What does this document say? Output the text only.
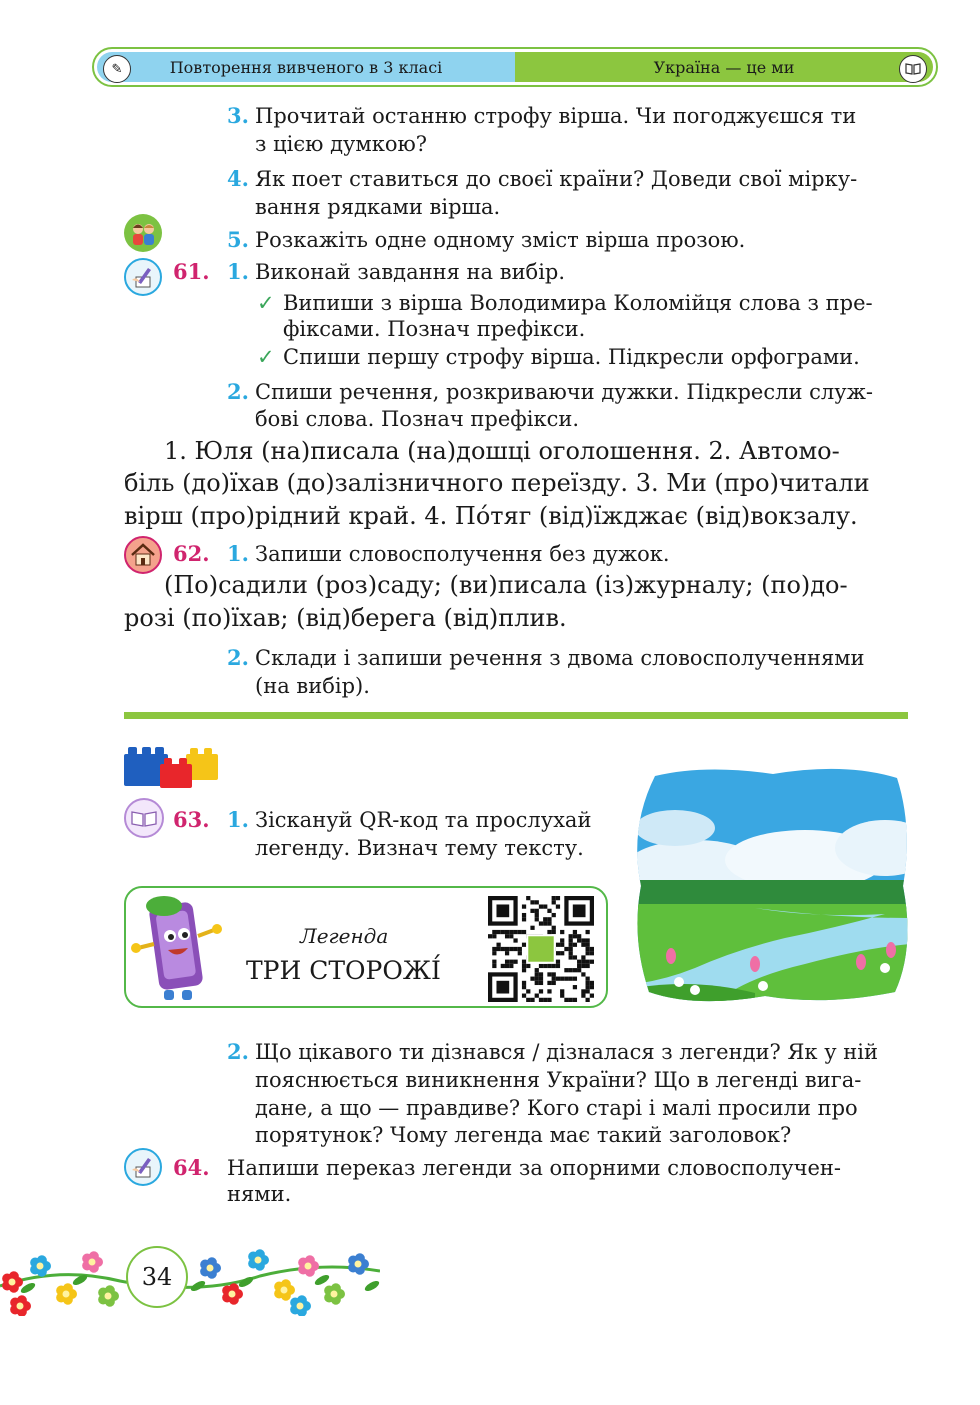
✎	Повторення вивченого в 3 класі	Україна — це ми
3. Прочитай останню строфу вірша. Чи погоджуєшся ти
з цією думкою?
4. Як поет ставиться до своєї країни? Доведи свої мірку-
вання рядками вірша.
5. Розкажіть одне одному зміст вірша прозою.
61. 1. Виконай завдання на вибір.
✓ Випиши з вірша Володимира Коломійця слова з пре-
фіксами. Познач префікси.
✓ Спиши першу строфу вірша. Підкресли орфограми.
2. Спиши речення, розкриваючи дужки. Підкресли служ-
бові слова. Познач префікси.
1. Юля (на)писала (на)дошці оголошення. 2. Автомо-
біль (до)їхав (до)залізничного переїзду. 3. Ми (про)читали
вірш (про)рідний край. 4. По́тяг (від)їжджає (від)вокзалу.
62. 1. Запиши словосполучення без дужок.
(По)садили (роз)саду; (ви)писала (із)журналу; (по)до-
розі (по)їхав; (від)берега (від)плив.
2. Склади і запиши речення з двома словосполученнями
(на вибір).
63. 1. Зіскануй QR-код та прослухай
легенду. Визнач тему тексту.
Легенда
ТРИ СТОРОЖІ́
2. Що цікавого ти дізнався / дізналася з легенди? Як у ній
пояснюється виникнення України? Що в легенді вига-
дане, а що — правдиве? Кого старі і малі просили про
порятунок? Чому легенда має такий заголовок?
64. Напиши переказ легенди за опорними словосполучен-
нями.
34
